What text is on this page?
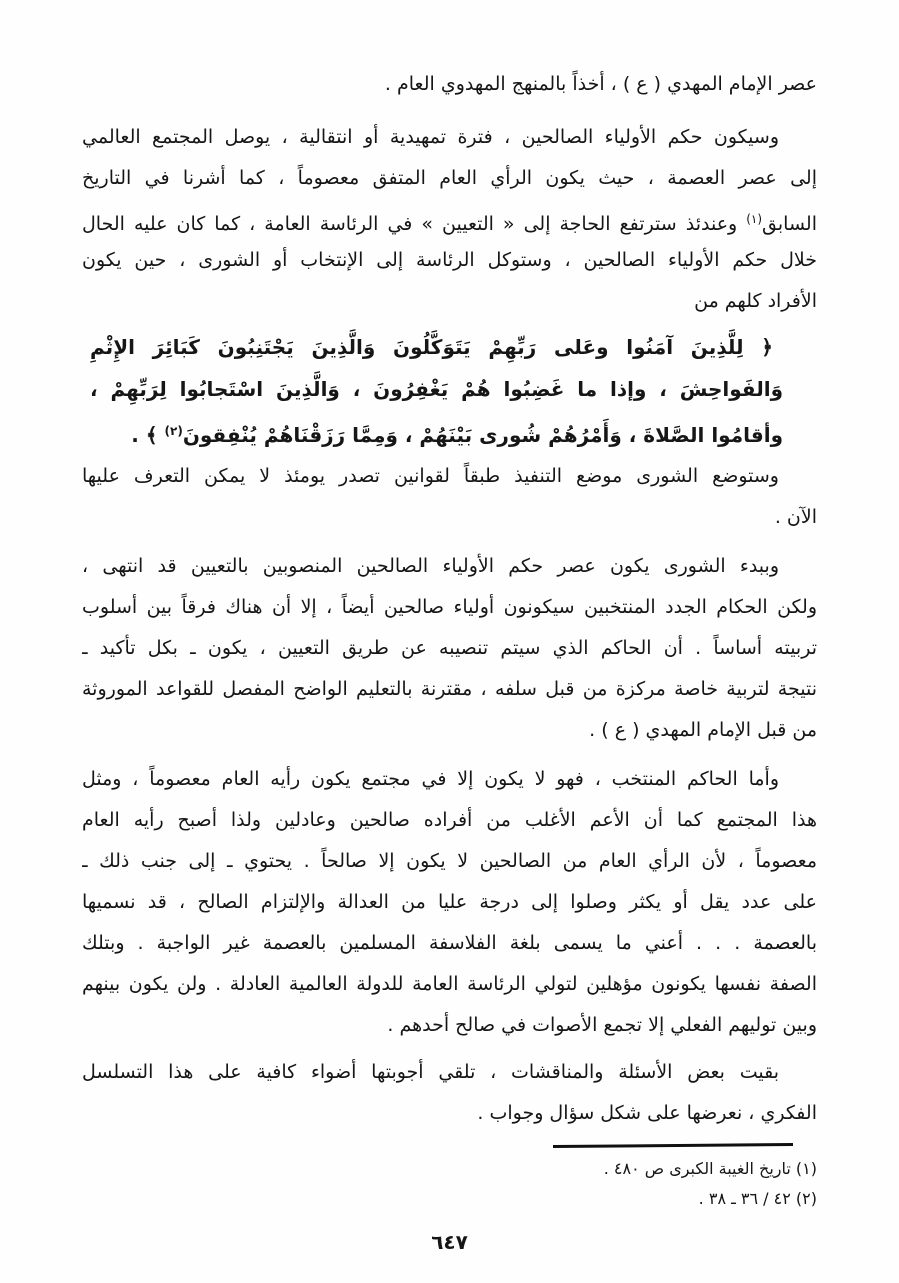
عصر الإمام المهدي ( ع ) ، أخذاً بالمنهج المهدوي العام .
وسيكون حكم الأولياء الصالحين ، فترة تمهيدية أو انتقالية ، يوصل المجتمع العالمي
إلى عصر العصمة ، حيث يكون الرأي العام المتفق معصوماً ، كما أشرنا في التاريخ
السابق$^{(١)}$ وعندئذ سترتفع الحاجة إلى « التعيين » في الرئاسة العامة ، كما كان عليه الحال
خلال حكم الأولياء الصالحين ، وستوكل الرئاسة إلى الإنتخاب أو الشورى ، حين يكون
الأفراد كلهم من
﴿ لِلَّذِينَ آمَنُوا وعَلى رَبِّهِمْ يَتَوَكَّلُونَ وَالَّذِينَ يَجْتَنِبُونَ كَبَائِرَ الإِثْمِ
وَالفَواحِشَ ، وإذا ما غَضِبُوا هُمْ يَغْفِرُونَ ، وَالَّذِينَ اسْتَجابُوا لِرَبِّهِمْ ،
وأقامُوا الصَّلاةَ ، وَأَمْرُهُمْ شُورى بَيْنَهُمْ ، وَمِمَّا رَزَقْنَاهُمْ يُنْفِقونَ$^{(٢)}$ ﴾ .
وستوضع الشورى موضع التنفيذ طبقاً لقوانين تصدر يومئذ لا يمكن التعرف عليها
الآن .
وببدء الشورى يكون عصر حكم الأولياء الصالحين المنصوبين بالتعيين قد انتهى ،
ولكن الحكام الجدد المنتخبين سيكونون أولياء صالحين أيضاً ، إلا أن هناك فرقاً بين أسلوب
تربيته أساساً . أن الحاكم الذي سيتم تنصيبه عن طريق التعيين ، يكون ـ بكل تأكيد ـ
نتيجة لتربية خاصة مركزة من قبل سلفه ، مقترنة بالتعليم الواضح المفصل للقواعد الموروثة
من قبل الإمام المهدي ( ع ) .
وأما الحاكم المنتخب ، فهو لا يكون إلا في مجتمع يكون رأيه العام معصوماً ، ومثل
هذا المجتمع كما أن الأعم الأغلب من أفراده صالحين وعادلين ولذا أصبح رأيه العام
معصوماً ، لأن الرأي العام من الصالحين لا يكون إلا صالحاً . يحتوي ـ إلى جنب ذلك ـ
على عدد يقل أو يكثر وصلوا إلى درجة عليا من العدالة والإلتزام الصالح ، قد نسميها
بالعصمة . . . أعني ما يسمى بلغة الفلاسفة المسلمين بالعصمة غير الواجبة . وبتلك
الصفة نفسها يكونون مؤهلين لتولي الرئاسة العامة للدولة العالمية العادلة . ولن يكون بينهم
وبين توليهم الفعلي إلا تجمع الأصوات في صالح أحدهم .
بقيت بعض الأسئلة والمناقشات ، تلقي أجوبتها أضواء كافية على هذا التسلسل
الفكري ، نعرضها على شكل سؤال وجواب .
(١) تاريخ الغيبة الكبرى ص ٤٨٠ .
(٢) ٤٢ / ٣٦ ـ ٣٨ .
٦٤٧
